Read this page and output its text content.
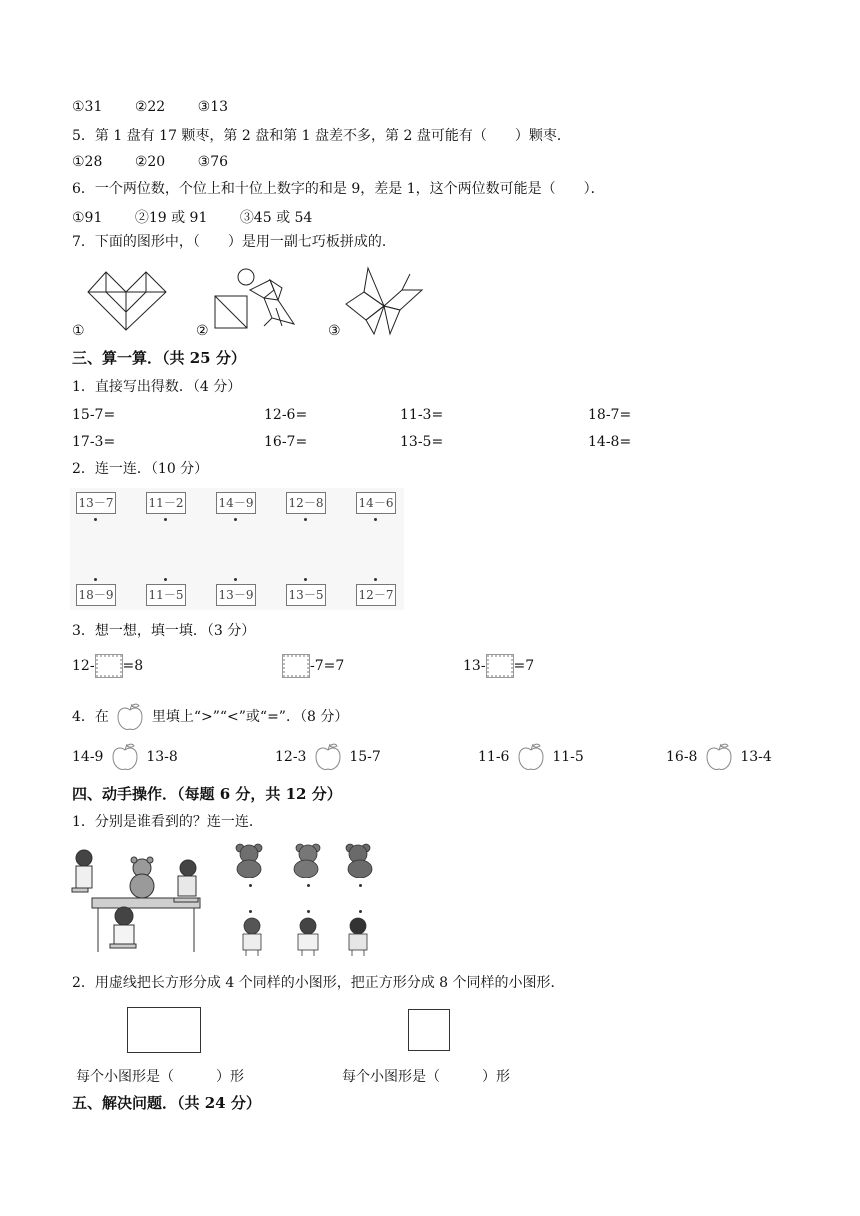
①31 ②22 ③13
5．第 1 盘有 17 颗枣，第 2 盘和第 1 盘差不多，第 2 盘可能有（　　）颗枣．
①28 ②20 ③76
6．一个两位数，个位上和十位上数字的和是 9，差是 1，这个两位数可能是（　　）．
①91 ②19 或 91 ③45 或 54
7．下面的图形中，（　　）是用一副七巧板拼成的．
①	②	③
三、算一算．（共 25 分）
1．直接写出得数．（4 分）
15-7=	12-6=	11-3=	18-7=
17-3=	16-7=	13-5=	14-8=
2．连一连．（10 分）
13－7	11－2	14－9	12－8	14－6
18－9	11－5	13－9	13－5	12－7
3．想一想，填一填．（3 分）
12- =8	-7=7	13- =7
4．在	里填上“>”“<”或“=”．（8 分）
14-9	13-8	12-3	15-7	11-6	11-5	16-8	13-4
四、动手操作．（每题 6 分，共 12 分）
1．分别是谁看到的？连一连．
2．用虚线把长方形分成 4 个同样的小图形，把正方形分成 8 个同样的小图形．
每个小图形是（　　　）形	每个小图形是（　　　）形
五、解决问题．（共 24 分）
